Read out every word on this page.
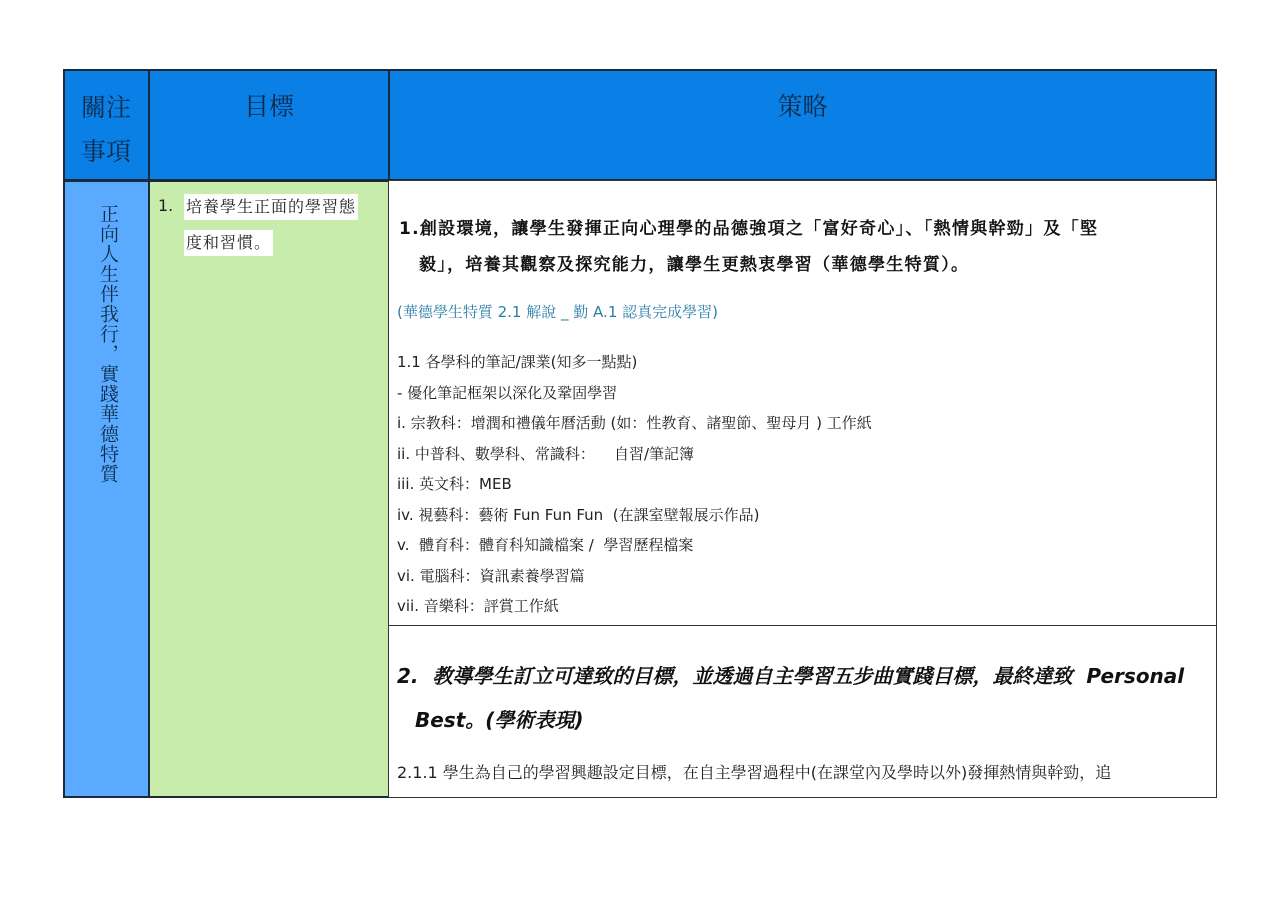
關注事項
目標	策略
正向人生伴我行，實踐華德特質 1. 培養學生正面的學習態
度和習慣。
1.創設環境，讓學生發揮正向心理學的品德強項之「富好奇心」、「熱情與幹勁」及「堅
毅」，培養其觀察及探究能力，讓學生更熱衷學習（華德學生特質）。
(華德學生特質 2.1 解說 _ 勤 A.1 認真完成學習)
1.1 各學科的筆記/課業(知多一點點)
- 優化筆記框架以深化及鞏固學習
i. 宗教科：增潤和禮儀年曆活動 (如：性教育、諸聖節、聖母月 ) 工作紙
ii. 中普科、數學科、常識科：    自習/筆記簿
iii. 英文科：MEB
iv. 視藝科：藝術 Fun Fun Fun  (在課室壁報展示作品)
v.  體育科：體育科知識檔案 /  學習歷程檔案
vi. 電腦科：資訊素養學習篇
vii. 音樂科：評賞工作紙
2.  教導學生訂立可達致的目標，並透過自主學習五步曲實踐目標，最終達致  Personal
Best。(學術表現)
2.1.1 學生為自己的學習興趣設定目標，在自主學習過程中(在課堂內及學時以外)發揮熱情與幹勁，追
